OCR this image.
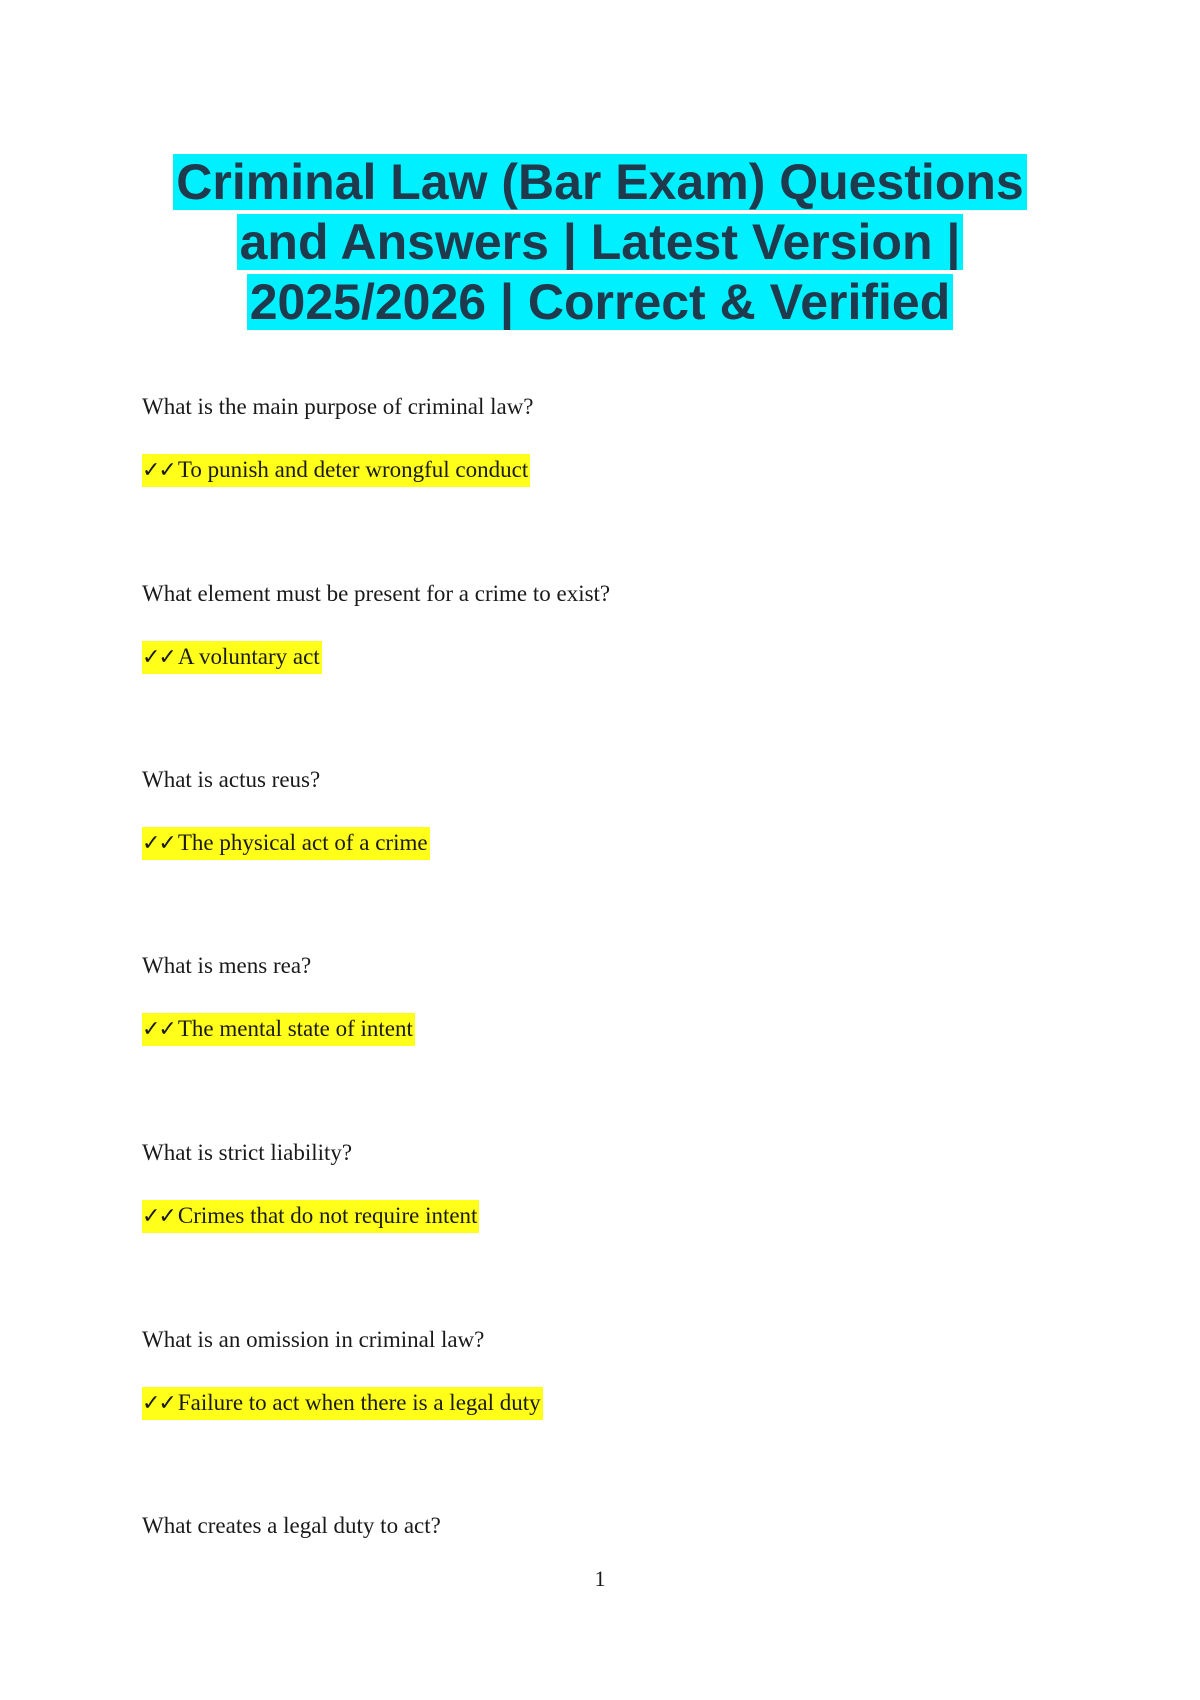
Criminal Law (Bar Exam) Questions
and Answers | Latest Version |
2025/2026 | Correct & Verified

What is the main purpose of criminal law?

✓✓ To punish and deter wrongful conduct

What element must be present for a crime to exist?

✓✓ A voluntary act

What is actus reus?

✓✓ The physical act of a crime

What is mens rea?

✓✓ The mental state of intent

What is strict liability?

✓✓ Crimes that do not require intent

What is an omission in criminal law?

✓✓ Failure to act when there is a legal duty

What creates a legal duty to act?

1
